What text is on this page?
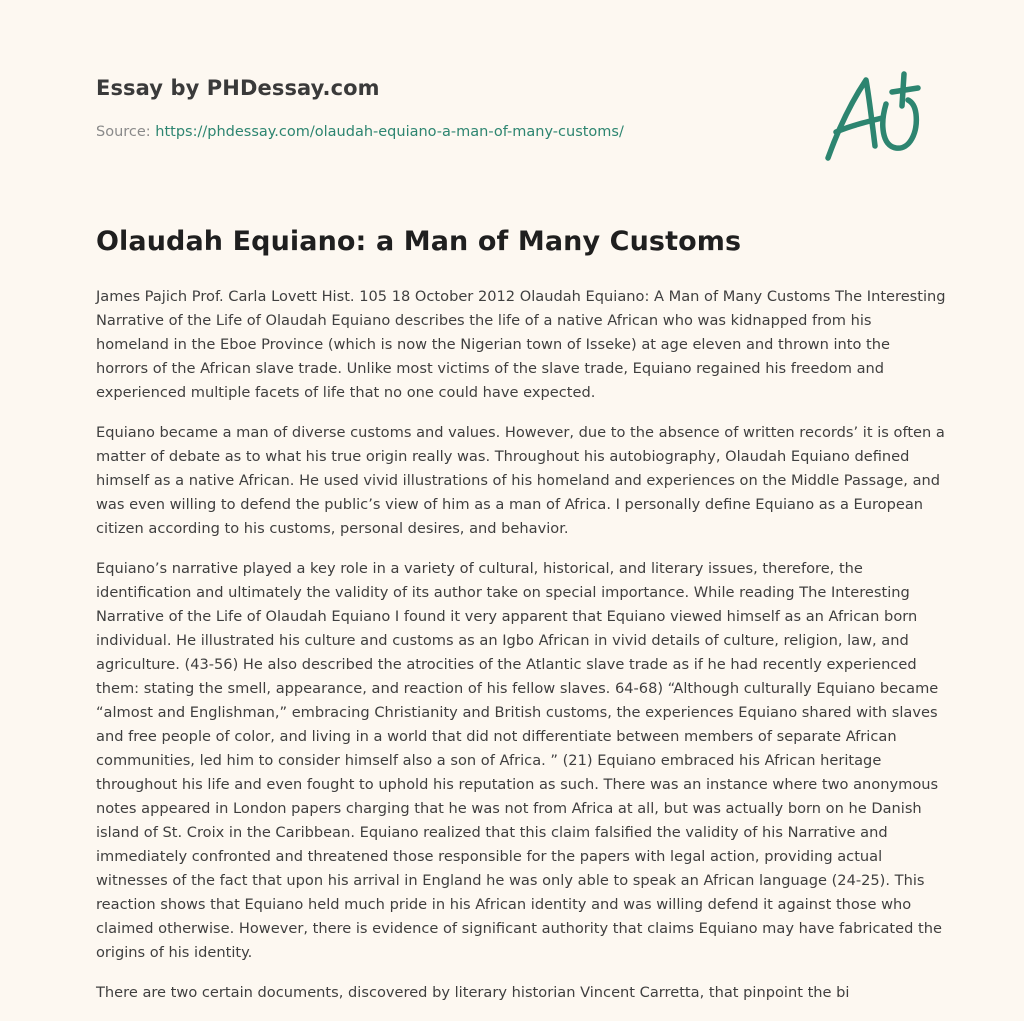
Essay by PHDessay.com
Source: https://phdessay.com/olaudah-equiano-a-man-of-many-customs/
Olaudah Equiano: a Man of Many Customs

James Pajich Prof. Carla Lovett Hist. 105 18 October 2012 Olaudah Equiano: A Man of Many Customs The Interesting Narrative of the Life of Olaudah Equiano describes the life of a native African who was kidnapped from his homeland in the Eboe Province (which is now the Nigerian town of Isseke) at age eleven and thrown into the horrors of the African slave trade. Unlike most victims of the slave trade, Equiano regained his freedom and experienced multiple facets of life that no one could have expected.

Equiano became a man of diverse customs and values. However, due to the absence of written records’ it is often a matter of debate as to what his true origin really was. Throughout his autobiography, Olaudah Equiano defined himself as a native African. He used vivid illustrations of his homeland and experiences on the Middle Passage, and was even willing to defend the public’s view of him as a man of Africa. I personally define Equiano as a European citizen according to his customs, personal desires, and behavior.

Equiano’s narrative played a key role in a variety of cultural, historical, and literary issues, therefore, the identification and ultimately the validity of its author take on special importance. While reading The Interesting Narrative of the Life of Olaudah Equiano I found it very apparent that Equiano viewed himself as an African born individual. He illustrated his culture and customs as an Igbo African in vivid details of culture, religion, law, and agriculture. (43-56) He also described the atrocities of the Atlantic slave trade as if he had recently experienced them: stating the smell, appearance, and reaction of his fellow slaves. 64-68) “Although culturally Equiano became “almost and Englishman,” embracing Christianity and British customs, the experiences Equiano shared with slaves and free people of color, and living in a world that did not differentiate between members of separate African communities, led him to consider himself also a son of Africa. ” (21) Equiano embraced his African heritage throughout his life and even fought to uphold his reputation as such. There was an instance where two anonymous notes appeared in London papers charging that he was not from Africa at all, but was actually born on he Danish island of St. Croix in the Caribbean. Equiano realized that this claim falsified the validity of his Narrative and immediately confronted and threatened those responsible for the papers with legal action, providing actual witnesses of the fact that upon his arrival in England he was only able to speak an African language (24-25). This reaction shows that Equiano held much pride in his African identity and was willing defend it against those who claimed otherwise. However, there is evidence of significant authority that claims Equiano may have fabricated the origins of his identity.

There are two certain documents, discovered by literary historian Vincent Carretta, that pinpoint the bi
